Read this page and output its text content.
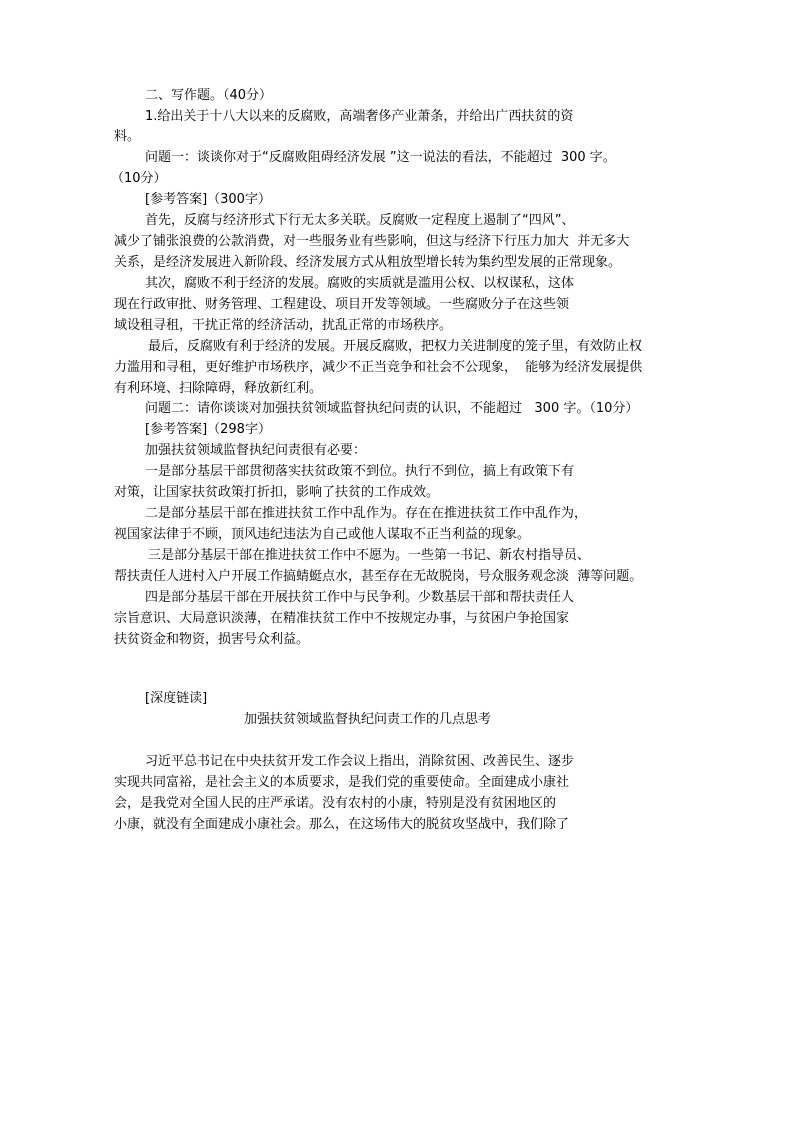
二、写作题。（40分）
1.给出关于十八大以来的反腐败，高端奢侈产业萧条，并给出广西扶贫的资
料。
问题一：谈谈你对于“反腐败阻碍经济发展 ”这一说法的看法，不能超过  300 字。
（10分）
[参考答案]（300字）
首先，反腐与经济形式下行无太多关联。反腐败一定程度上遏制了“四风”、
减少了铺张浪费的公款消费，对一些服务业有些影响，但这与经济下行压力加大  并无多大
关系，是经济发展进入新阶段、经济发展方式从粗放型增长转为集约型发展的正常现象。
其次，腐败不利于经济的发展。腐败的实质就是滥用公权、以权谋私，这体
现在行政审批、财务管理、工程建设、项目开发等领域。一些腐败分子在这些领
域设租寻租，干扰正常的经济活动，扰乱正常的市场秩序。
最后，反腐败有利于经济的发展。开展反腐败，把权力关进制度的笼子里，有效防止权
力滥用和寻租，更好维护市场秩序，减少不正当竞争和社会不公现象，  能够为经济发展提供
有利环境、扫除障碍，释放新红利。
问题二：请你谈谈对加强扶贫领域监督执纪问责的认识，不能超过   300 字。（10分）
[参考答案]（298字）
加强扶贫领域监督执纪问责很有必要：
一是部分基层干部贯彻落实扶贫政策不到位。执行不到位，搞上有政策下有
对策，让国家扶贫政策打折扣，影响了扶贫的工作成效。
二是部分基层干部在推进扶贫工作中乱作为。存在在推进扶贫工作中乱作为，
视国家法律于不顾，顶风违纪违法为自己或他人谋取不正当利益的现象。
三是部分基层干部在推进扶贫工作中不愿为。一些第一书记、新农村指导员、
帮扶责任人进村入户开展工作搞蜻蜓点水，甚至存在无故脱岗，号众服务观念淡  薄等问题。
四是部分基层干部在开展扶贫工作中与民争利。少数基层干部和帮扶责任人
宗旨意识、大局意识淡薄，在精准扶贫工作中不按规定办事，与贫困户争抢国家
扶贫资金和物资，损害号众利益。
[深度链读]
加强扶贫领域监督执纪问责工作的几点思考
习近平总书记在中央扶贫开发工作会议上指出，消除贫困、改善民生、逐步
实现共同富裕，是社会主义的本质要求，是我们党的重要使命。全面建成小康社
会，是我党对全国人民的庄严承诺。没有农村的小康，特别是没有贫困地区的
小康，就没有全面建成小康社会。那么，在这场伟大的脱贫攻坚战中，我们除了
